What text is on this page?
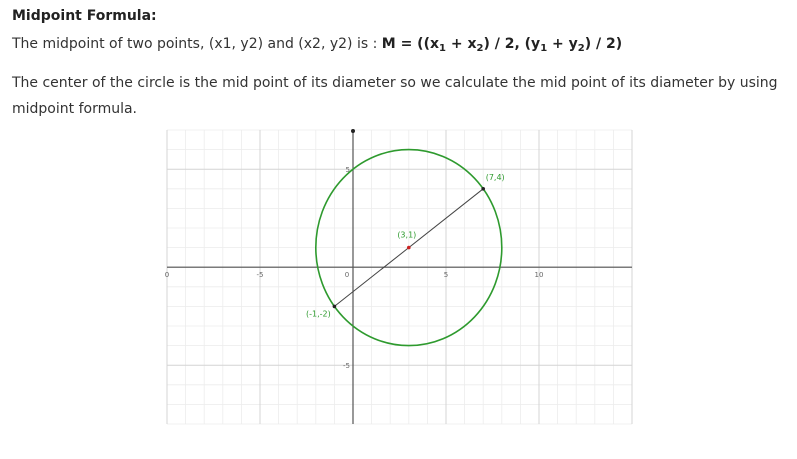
Midpoint Formula:
The midpoint of two points, (x1, y2) and (x2, y2) is : $M = ((x_1 + x_2) / 2$, $(y_1 + y_2) / 2$)
The center of the circle is the mid point of its diameter so we calculate the mid point of its diameter by using midpoint formula.
0	-5	0	5	10
5
-5
(3,1)
(7,4)
(-1,-2)
